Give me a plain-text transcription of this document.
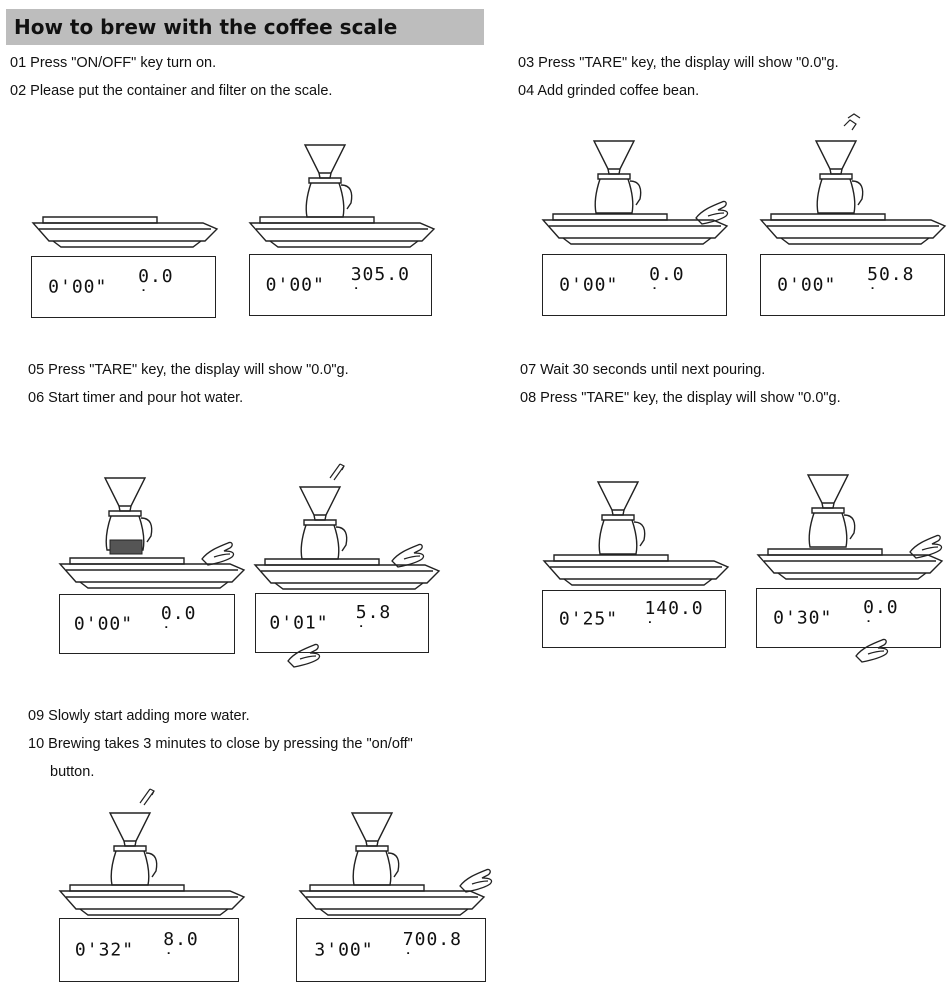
How to brew with the coffee scale
01 Press "ON/OFF" key turn on.
02 Please put the container and filter on the scale.
03 Press "TARE" key, the display will show "0.0"g.
04 Add grinded coffee bean.
05 Press "TARE" key, the display will show "0.0"g.
06 Start timer and pour hot water.
07 Wait 30 seconds until next pouring.
08 Press "TARE" key, the display will show "0.0"g.
09 Slowly start adding more water.
10 Brewing takes 3 minutes to close by pressing the "on/off"
button.
0'00" 0.0 ˙
0'00" 305.0 ˙	0'00" 0.0 ˙	0'00" 50.8 ˙
0'00" 0.0 ˙
0'01" 5.8 ˙
0'25" 140.0 ˙
0'30" 0.0 ˙
0'32" 8.0 ˙	3'00" 700.8 ˙
